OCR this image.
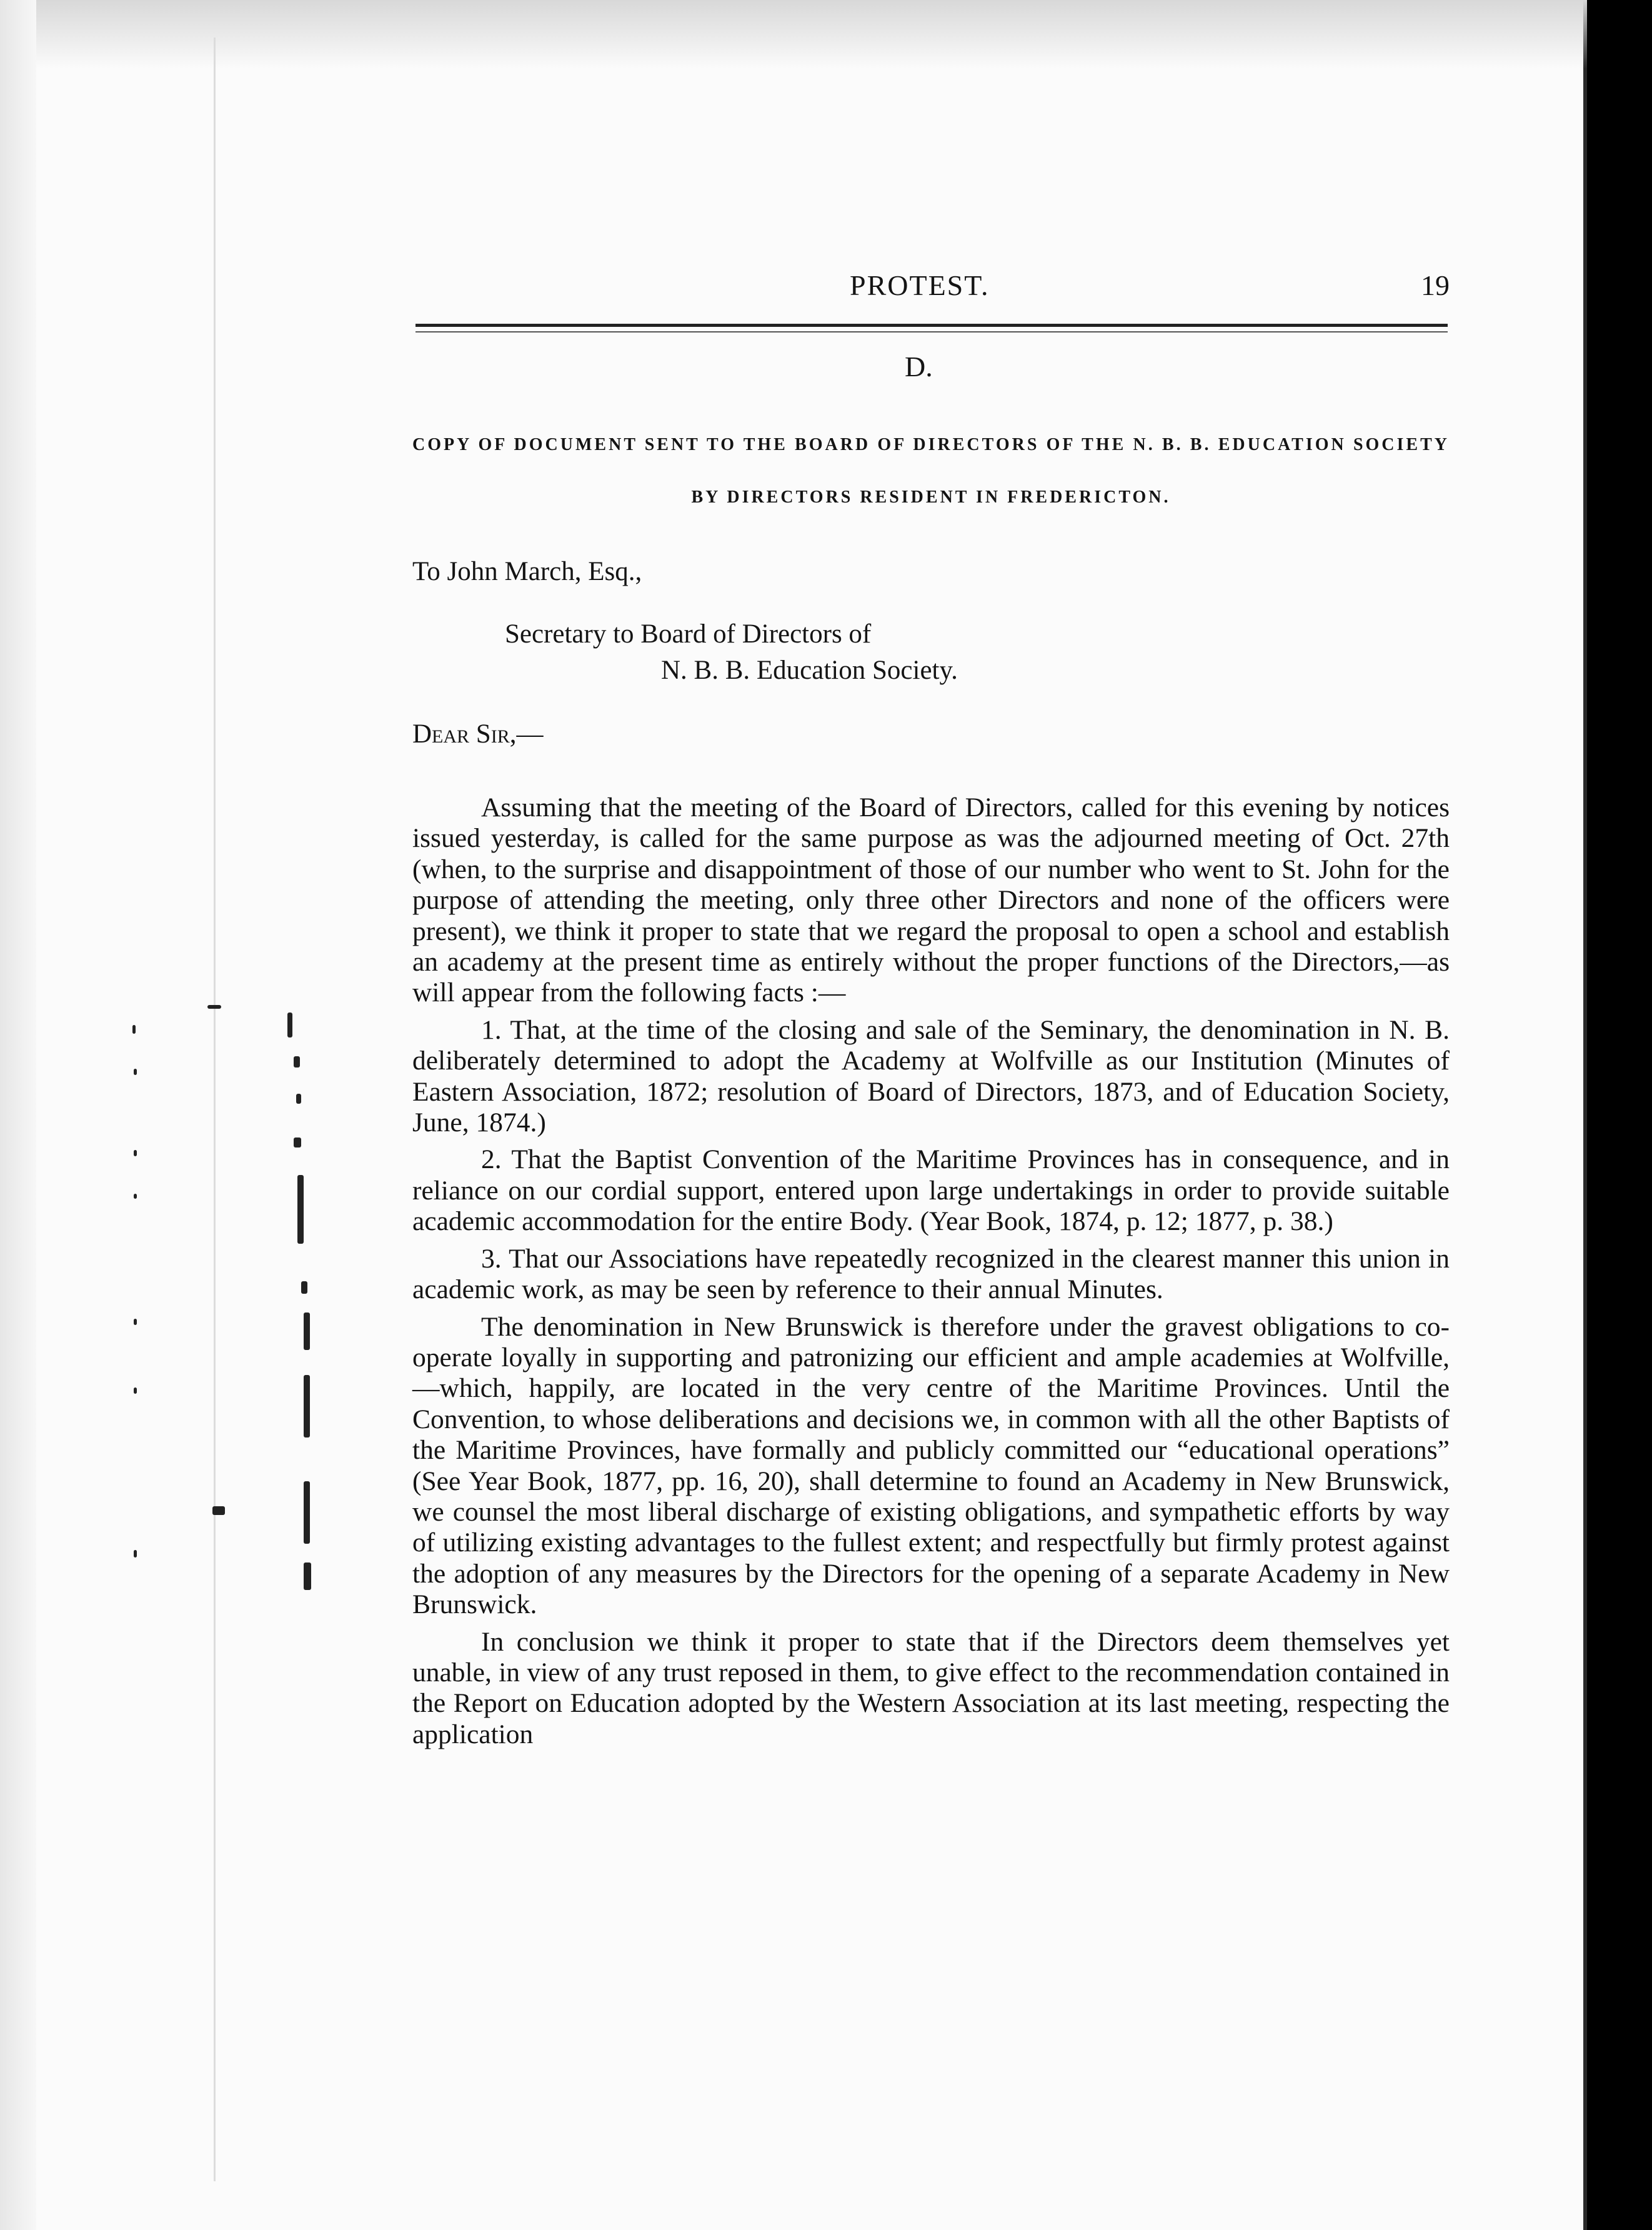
PROTEST.	19
D.
COPY OF DOCUMENT SENT TO THE BOARD OF DIRECTORS OF THE N. B. B. EDUCATION SOCIETY BY DIRECTORS RESIDENT IN FREDERICTON.

To John March, Esq.,

Secretary to Board of Directors of

N. B. B. Education Society.

Dear Sir,—

Assuming that the meeting of the Board of Directors, called for this evening by notices issued yesterday, is called for the same purpose as was the adjourned meeting of Oct. 27th (when, to the surprise and disappointment of those of our number who went to St. John for the purpose of attending the meeting, only three other Directors and none of the officers were present), we think it proper to state that we regard the proposal to open a school and establish an academy at the present time as entirely without the proper functions of the Directors,—as will appear from the following facts :—

1. That, at the time of the closing and sale of the Seminary, the denomination in N. B. deliberately determined to adopt the Academy at Wolfville as our Institution (Minutes of Eastern Association, 1872; resolution of Board of Directors, 1873, and of Education Society, June, 1874.)

2. That the Baptist Convention of the Maritime Provinces has in consequence, and in reliance on our cordial support, entered upon large undertakings in order to provide suitable academic accommodation for the entire Body. (Year Book, 1874, p. 12; 1877, p. 38.)

3. That our Associations have repeatedly recognized in the clearest manner this union in academic work, as may be seen by reference to their annual Minutes.

The denomination in New Brunswick is therefore under the gravest obligations to co-operate loyally in supporting and patronizing our efficient and ample academies at Wolfville,—which, happily, are located in the very centre of the Maritime Provinces. Until the Convention, to whose deliberations and decisions we, in common with all the other Baptists of the Maritime Provinces, have formally and publicly committed our “educational operations” (See Year Book, 1877, pp. 16, 20), shall determine to found an Academy in New Brunswick, we counsel the most liberal discharge of existing obligations, and sympathetic efforts by way of utilizing existing advantages to the fullest extent; and respectfully but firmly protest against the adoption of any measures by the Directors for the opening of a separate Academy in New Brunswick.

In conclusion we think it proper to state that if the Directors deem themselves yet unable, in view of any trust reposed in them, to give effect to the recommendation contained in the Report on Education adopted by the Western Association at its last meeting, respecting the application
